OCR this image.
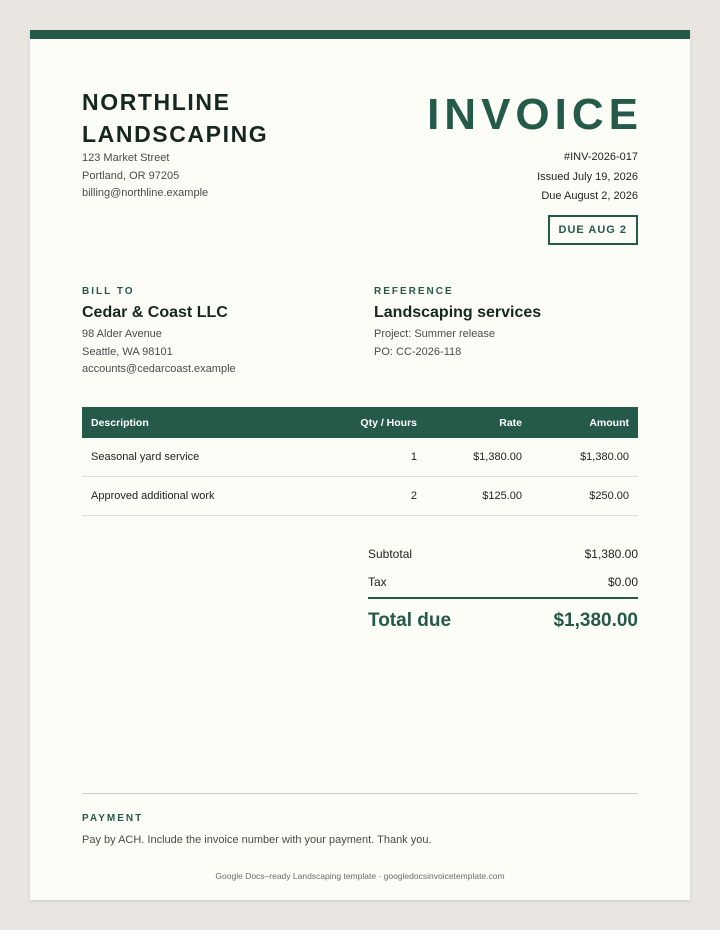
NORTHLINE
LANDSCAPING
123 Market Street
Portland, OR 97205
billing@northline.example
INVOICE
#INV-2026-017
Issued July 19, 2026
Due August 2, 2026
DUE AUG 2
BILL TO
Cedar & Coast LLC
98 Alder Avenue
Seattle, WA 98101
accounts@cedarcoast.example
REFERENCE
Landscaping services
Project: Summer release
PO: CC-2026-118
Description	Qty / Hours	Rate	Amount
Seasonal yard service	1	$1,380.00	$1,380.00
Approved additional work	2	$125.00	$250.00
Subtotal	$1,380.00
Tax	$0.00
Total due	$1,380.00
PAYMENT
Pay by ACH. Include the invoice number with your payment. Thank you.
Google Docs–ready Landscaping template · googledocsinvoicetemplate.com
